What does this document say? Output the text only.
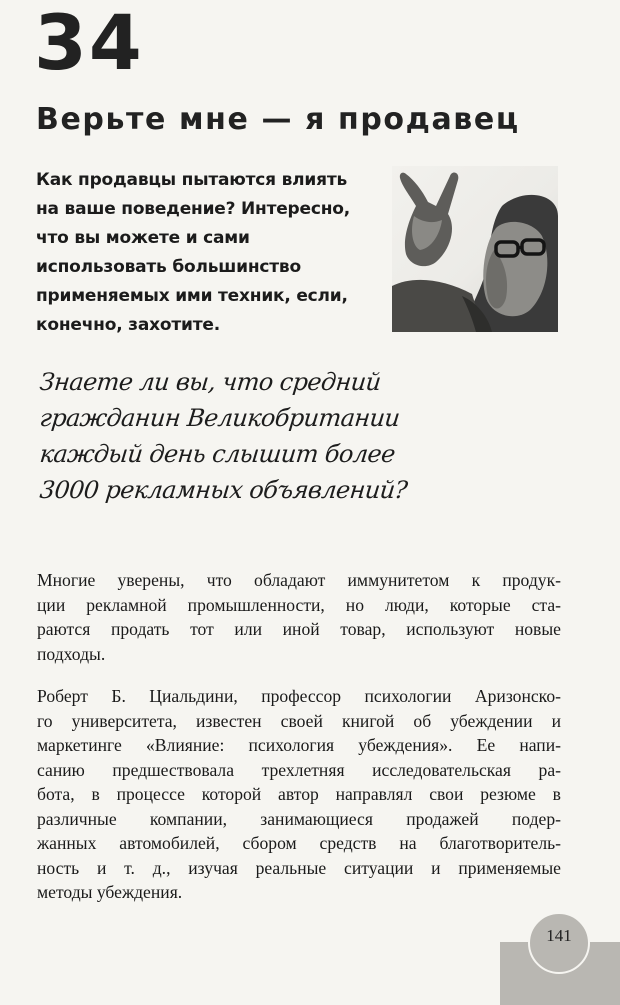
34
Верьте мне — я продавец
Как продавцы пытаются влиять
на ваше поведение? Интересно,
что вы можете и сами
использовать большинство
применяемых ими техник, если,
конечно, захотите.
Знаете ли вы, что средний
гражданин Великобритании
каждый день слышит более
3000 рекламных объявлений?
Многие уверены, что обладают иммунитетом к продук-
ции рекламной промышленности, но люди, которые ста-
раются продать тот или иной товар, используют новые
подходы.
Роберт Б. Циальдини, профессор психологии Аризонско-
го университета, известен своей книгой об убеждении и
маркетинге «Влияние: психология убеждения». Ее напи-
санию предшествовала трехлетняя исследовательская ра-
бота, в процессе которой автор направлял свои резюме в
различные компании, занимающиеся продажей подер-
жанных автомобилей, сбором средств на благотворитель-
ность и т. д., изучая реальные ситуации и применяемые
методы убеждения.
141
